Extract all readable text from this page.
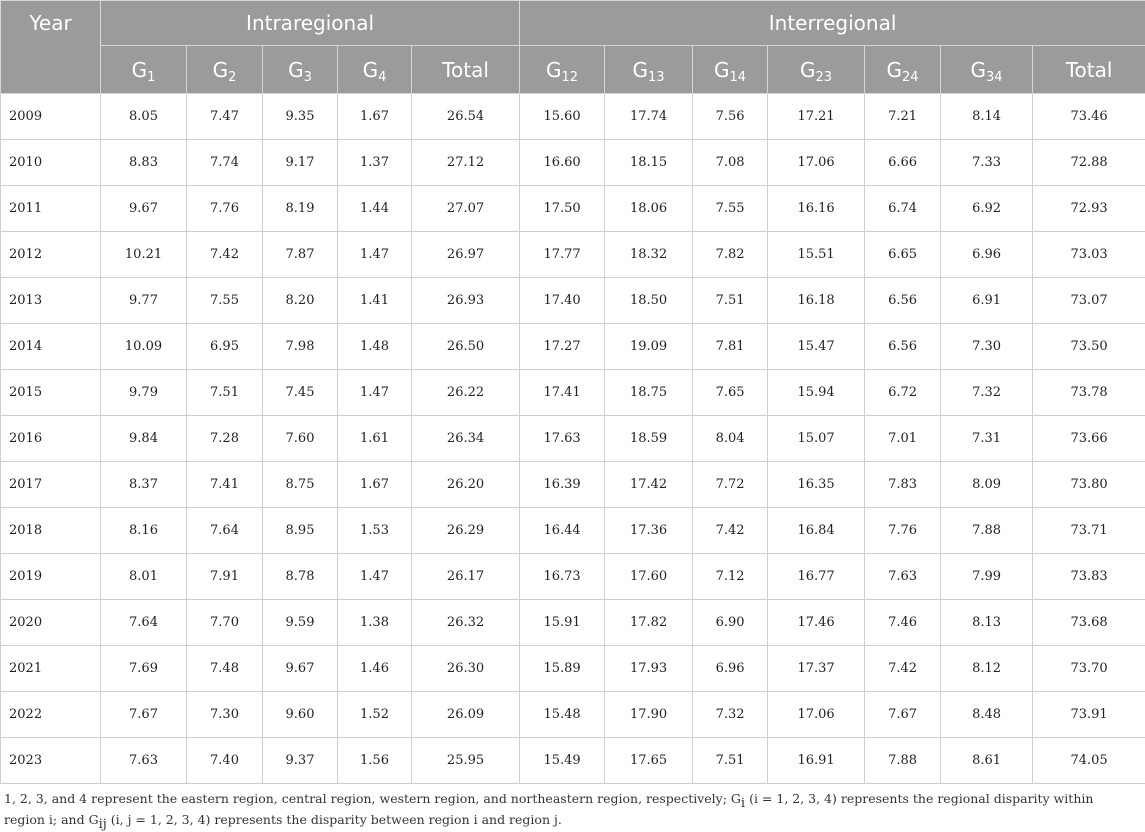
Year	Intraregional					Interregional						
	$G_1$	$G_2$	$G_3$	$G_4$	Total	$G_{12}$	$G_{13}$	$G_{14}$	$G_{23}$	$G_{24}$	$G_{34}$	Total
2009	8.05	7.47	9.35	1.67	26.54	15.60	17.74	7.56	17.21	7.21	8.14	73.46
2010	8.83	7.74	9.17	1.37	27.12	16.60	18.15	7.08	17.06	6.66	7.33	72.88
2011	9.67	7.76	8.19	1.44	27.07	17.50	18.06	7.55	16.16	6.74	6.92	72.93
2012	10.21	7.42	7.87	1.47	26.97	17.77	18.32	7.82	15.51	6.65	6.96	73.03
2013	9.77	7.55	8.20	1.41	26.93	17.40	18.50	7.51	16.18	6.56	6.91	73.07
2014	10.09	6.95	7.98	1.48	26.50	17.27	19.09	7.81	15.47	6.56	7.30	73.50
2015	9.79	7.51	7.45	1.47	26.22	17.41	18.75	7.65	15.94	6.72	7.32	73.78
2016	9.84	7.28	7.60	1.61	26.34	17.63	18.59	8.04	15.07	7.01	7.31	73.66
2017	8.37	7.41	8.75	1.67	26.20	16.39	17.42	7.72	16.35	7.83	8.09	73.80
2018	8.16	7.64	8.95	1.53	26.29	16.44	17.36	7.42	16.84	7.76	7.88	73.71
2019	8.01	7.91	8.78	1.47	26.17	16.73	17.60	7.12	16.77	7.63	7.99	73.83
2020	7.64	7.70	9.59	1.38	26.32	15.91	17.82	6.90	17.46	7.46	8.13	73.68
2021	7.69	7.48	9.67	1.46	26.30	15.89	17.93	6.96	17.37	7.42	8.12	73.70
2022	7.67	7.30	9.60	1.52	26.09	15.48	17.90	7.32	17.06	7.67	8.48	73.91
2023	7.63	7.40	9.37	1.56	25.95	15.49	17.65	7.51	16.91	7.88	8.61	74.05
1, 2, 3, and 4 represent the eastern region, central region, western region, and northeastern region, respectively; $G_i$ (i = 1, 2, 3, 4) represents the regional disparity within region i; and $G_{ij}$ (i, j = 1, 2, 3, 4) represents the disparity between region i and region j.
